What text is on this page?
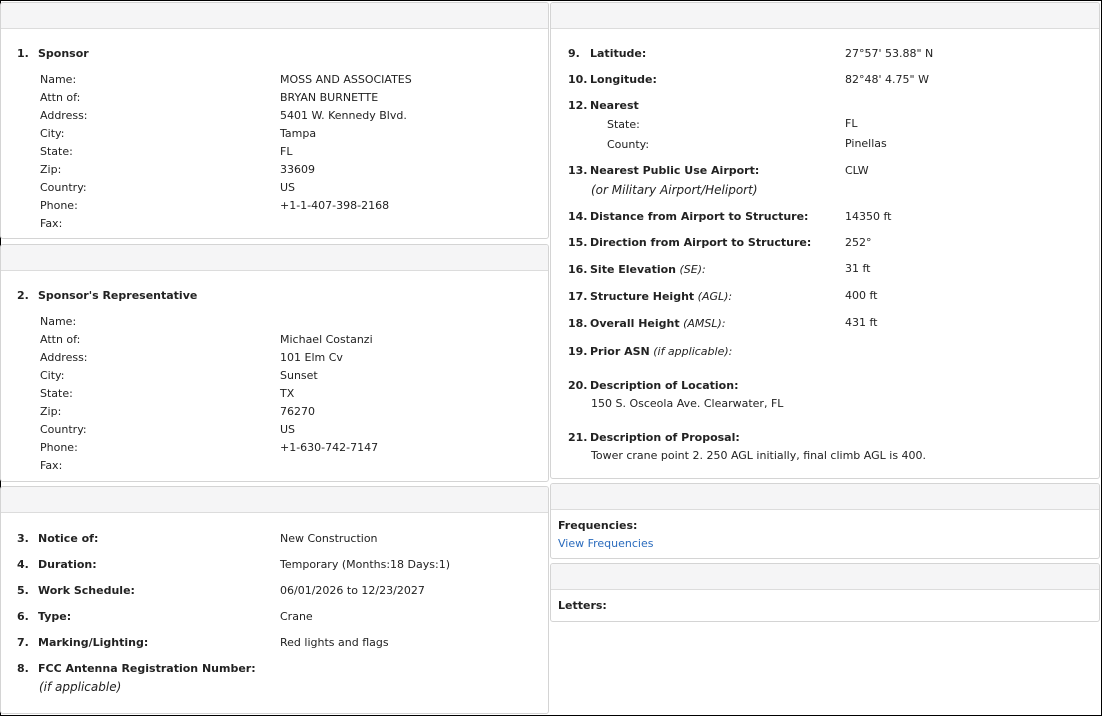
1. Sponsor
Name:	MOSS AND ASSOCIATES
Attn of:	BRYAN BURNETTE
Address:	5401 W. Kennedy Blvd.
City:	Tampa
State:	FL
Zip:	33609
Country:	US
Phone:	+1-1-407-398-2168
Fax:
2. Sponsor's Representative
Name:
Attn of:	Michael Costanzi
Address:	101 Elm Cv
City:	Sunset
State:	TX
Zip:	76270
Country:	US
Phone:	+1-630-742-7147
Fax:
3. Notice of:	New Construction
4. Duration:	Temporary (Months:18 Days:1)
5. Work Schedule:	06/01/2026 to 12/23/2027
6. Type:	Crane
7. Marking/Lighting:	Red lights and flags
8. FCC Antenna Registration Number:
(if applicable)
9. Latitude:	27°57' 53.88" N
10. Longitude:	82°48' 4.75" W
12. Nearest
State:	FL
County:	Pinellas
13. Nearest Public Use Airport:	CLW
(or Military Airport/Heliport)
14. Distance from Airport to Structure:	14350 ft
15. Direction from Airport to Structure:	252°
16. Site Elevation (SE):	31 ft
17. Structure Height (AGL):	400 ft
18. Overall Height (AMSL):	431 ft
19. Prior ASN (if applicable):
20. Description of Location:
150 S. Osceola Ave. Clearwater, FL
21. Description of Proposal:
Tower crane point 2. 250 AGL initially, final climb AGL is 400.
Frequencies:
View Frequencies
Letters:
